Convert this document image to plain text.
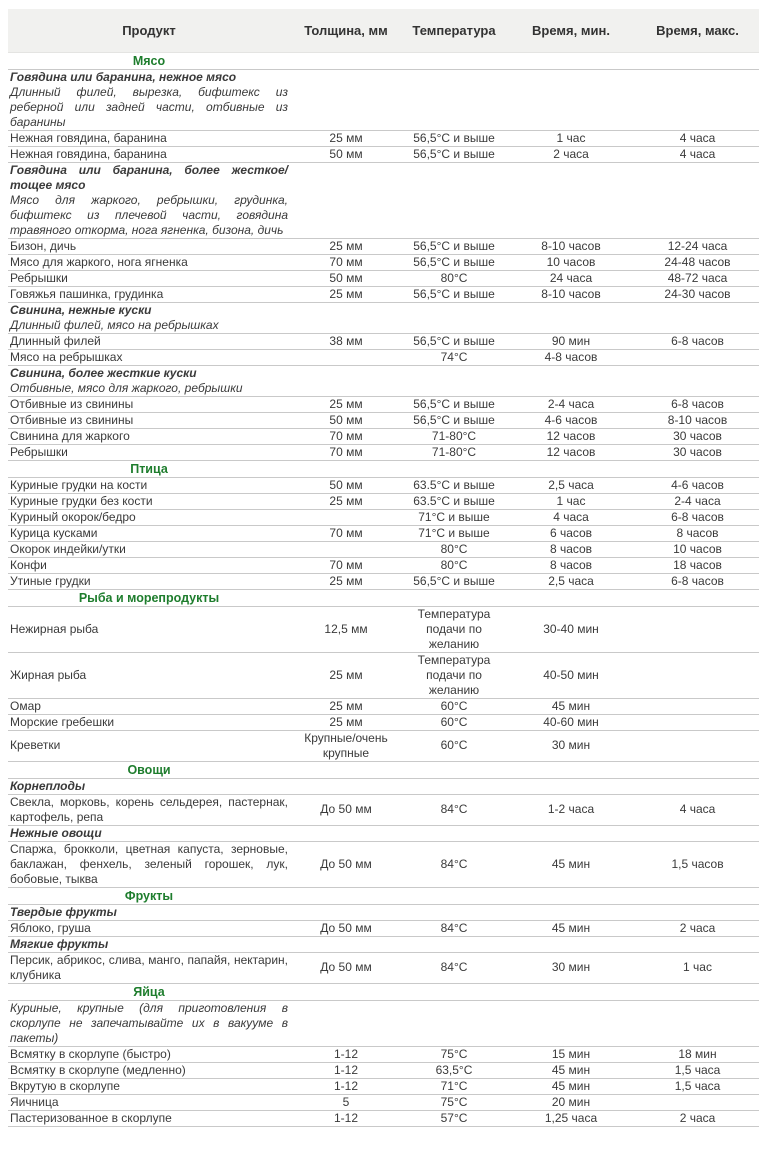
Продукт	Толщина, мм	Температура	Время, мин.	Время, макс.

Мясо				

Говядина или баранина, нежное мясо
Длинный филей, вырезка, бифштекс из реберной или задней части, отбивные из баранины				

Нежная говядина, баранина	25 мм	56,5°C и выше	1 час	4 часа
Нежная говядина, баранина	50 мм	56,5°C и выше	2 часа	4 часа

Говядина или баранина, более жесткое/ тощее мясо
Мясо для жаркого, ребрышки, грудинка, бифштекс из плечевой части, говядина травяного откорма, нога ягненка, бизона, дичь				

Бизон, дичь	25 мм	56,5°C и выше	8-10 часов	12-24 часа
Мясо для жаркого, нога ягненка	70 мм	56,5°C и выше	10 часов	24-48 часов
Ребрышки	50 мм	80°C	24 часа	48-72 часа
Говяжья пашинка, грудинка	25 мм	56,5°C и выше	8-10 часов	24-30 часов

Свинина, нежные куски
Длинный филей, мясо на ребрышках				

Длинный филей	38 мм	56,5°C и выше	90 мин	6-8 часов
Мясо на ребрышках		74°C	4-8 часов	

Свинина, более жесткие куски
Отбивные, мясо для жаркого, ребрышки				

Отбивные из свинины	25 мм	56,5°C и выше	2-4 часа	6-8 часов
Отбивные из свинины	50 мм	56,5°C и выше	4-6 часов	8-10 часов
Свинина для жаркого	70 мм	71-80°C	12 часов	30 часов
Ребрышки	70 мм	71-80°C	12 часов	30 часов

Птица				

Куриные грудки на кости	50 мм	63.5°C и выше	2,5 часа	4-6 часов
Куриные грудки без кости	25 мм	63.5°C и выше	1 час	2-4 часа
Куриный окорок/бедро		71°C и выше	4 часа	6-8 часов
Курица кусками	70 мм	71°C и выше	6 часов	8 часов
Окорок индейки/утки		80°C	8 часов	10 часов
Конфи	70 мм	80°C	8 часов	18 часов
Утиные грудки	25 мм	56,5°C и выше	2,5 часа	6-8 часов

Рыба и морепродукты				

Нежирная рыба	12,5 мм	Температура подачи по желанию	30-40 мин	
Жирная рыба	25 мм	Температура подачи по желанию	40-50 мин	
Омар	25 мм	60°C	45 мин	
Морские гребешки	25 мм	60°C	40-60 мин	
Креветки	Крупные/очень крупные	60°C	30 мин	

Овощи				

Корнеплоды				

Свекла, морковь, корень сельдерея, пастернак, картофель, репа	До 50 мм	84°C	1-2 часа	4 часа

Нежные овощи				

Спаржа, брокколи, цветная капуста, зерновые, баклажан, фенхель, зеленый горошек, лук, бобовые, тыква	До 50 мм	84°C	45 мин	1,5 часов

Фрукты				

Твердые фрукты				

Яблоко, груша	До 50 мм	84°C	45 мин	2 часа

Мягкие фрукты				

Персик, абрикос, слива, манго, папайя, нектарин, клубника	До 50 мм	84°C	30 мин	1 час

Яйца				

Куриные, крупные (для приготовления в скорлупе не запечатывайте их в вакууме в пакеты)				

Всмятку в скорлупе (быстро)	1-12	75°C	15 мин	18 мин
Всмятку в скорлупе (медленно)	1-12	63,5°C	45 мин	1,5 часа
Вкрутую в скорлупе	1-12	71°C	45 мин	1,5 часа
Яичница	5	75°C	20 мин	
Пастеризованное в скорлупе	1-12	57°C	1,25 часа	2 часа
